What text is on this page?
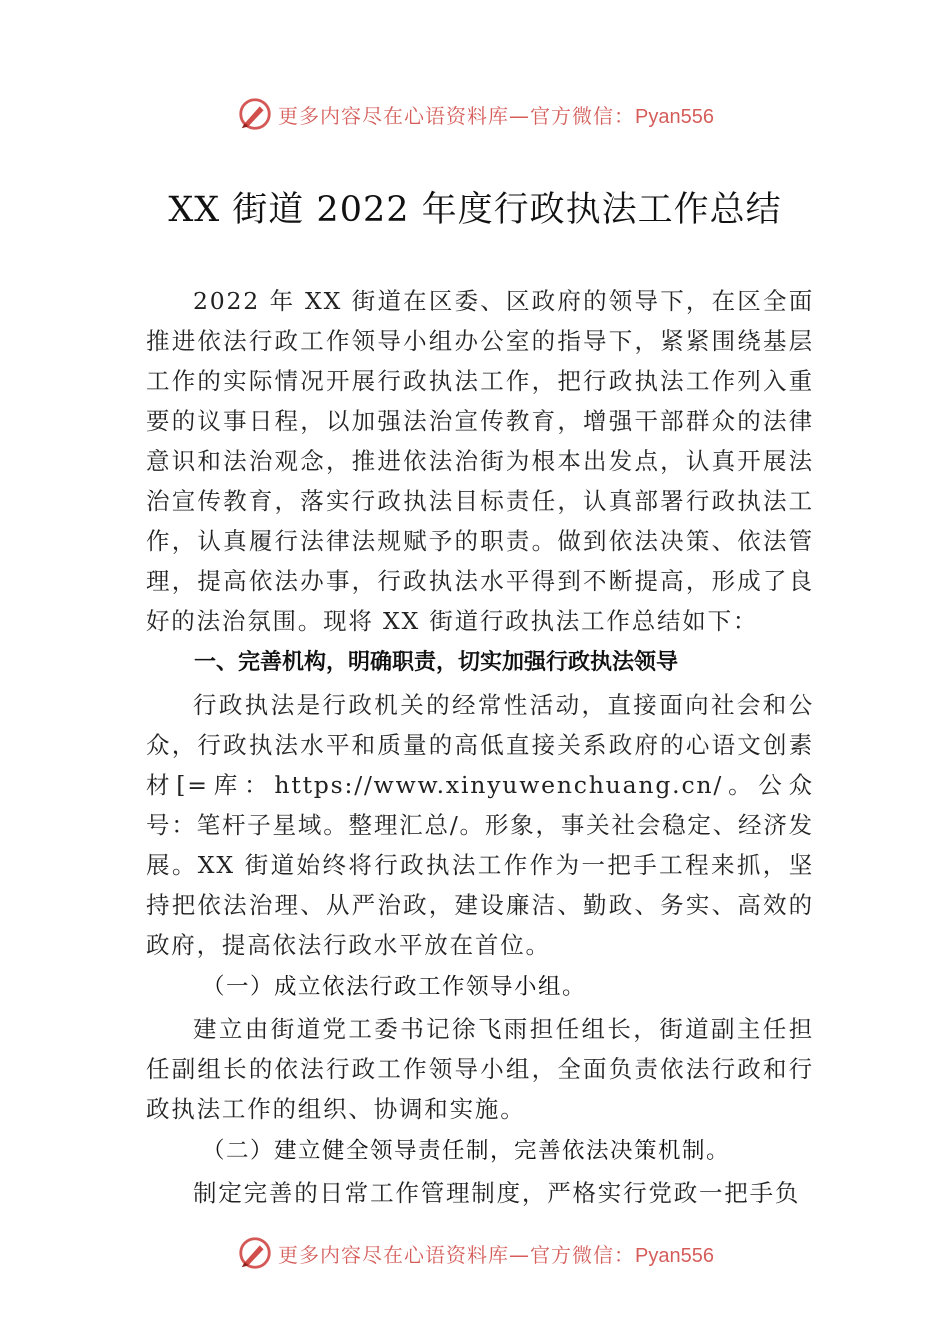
更多内容尽在心语资料库—官方微信：Pyan556
XX 街道 2022 年度行政执法工作总结

2022 年 XX 街道在区委、区政府的领导下，在区全面推进依法行政工作领导小组办公室的指导下，紧紧围绕基层工作的实际情况开展行政执法工作，把行政执法工作列入重要的议事日程，以加强法治宣传教育，增强干部群众的法律意识和法治观念，推进依法治街为根本出发点，认真开展法治宣传教育，落实行政执法目标责任，认真部署行政执法工作，认真履行法律法规赋予的职责。做到依法决策、依法管理，提高依法办事，行政执法水平得到不断提高，形成了良好的法治氛围。现将 XX 街道行政执法工作总结如下：

一、完善机构，明确职责，切实加强行政执法领导

行政执法是行政机关的经常性活动，直接面向社会和公众，行政执法水平和质量的高低直接关系政府的心语文创素材[=库：https://www.xinyuwenchuang.cn/。公众号：笔杆子星域。整理汇总/。形象，事关社会稳定、经济发展。XX 街道始终将行政执法工作作为一把手工程来抓，坚持把依法治理、从严治政，建设廉洁、勤政、务实、高效的政府，提高依法行政水平放在首位。

（一）成立依法行政工作领导小组。

建立由街道党工委书记徐飞雨担任组长，街道副主任担任副组长的依法行政工作领导小组，全面负责依法行政和行政执法工作的组织、协调和实施。

（二）建立健全领导责任制，完善依法决策机制。

制定完善的日常工作管理制度，严格实行党政一把手负

更多内容尽在心语资料库—官方微信：Pyan556
